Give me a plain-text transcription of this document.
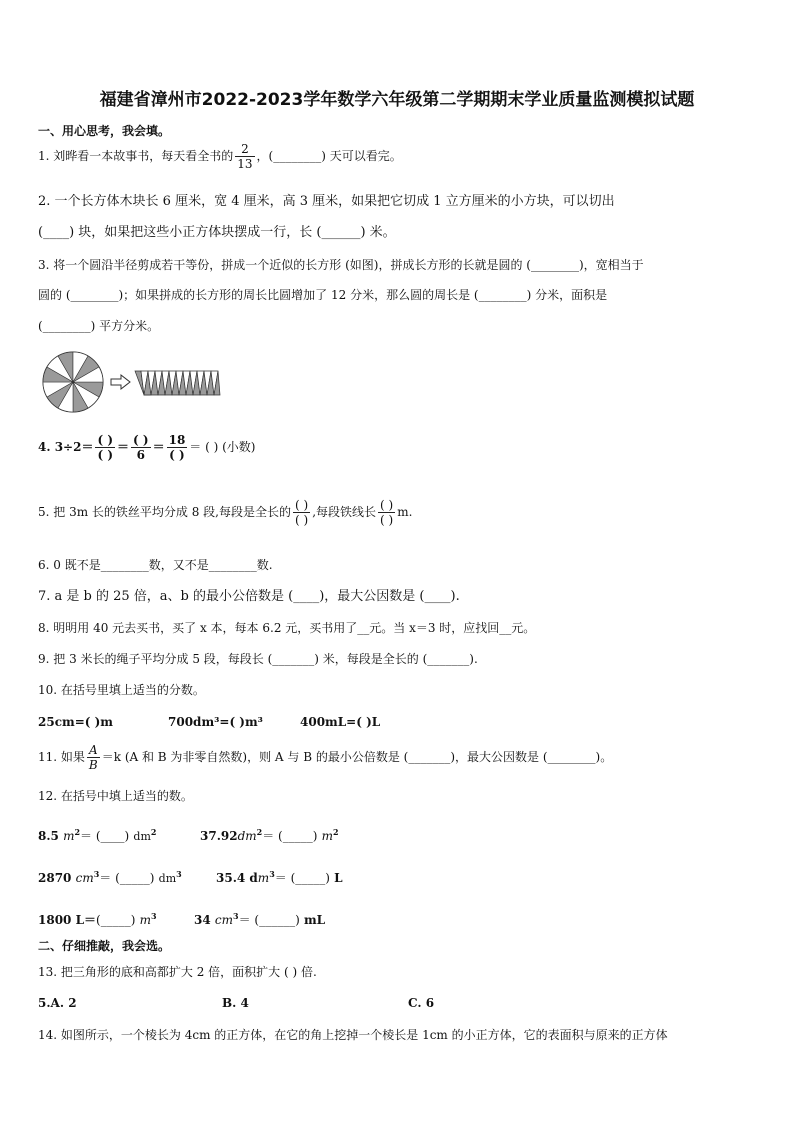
福建省漳州市2022-2023学年数学六年级第二学期期末学业质量监测模拟试题
一、用心思考，我会填。
1. 刘晔看一本故事书，每天看全书的 $\frac{2}{13}$ ，(________) 天可以看完。
2. 一个长方体木块长 6 厘米，宽 4 厘米，高 3 厘米，如果把它切成 1 立方厘米的小方块，可以切出
(____) 块，如果把这些小正方体块摆成一行，长 (______) 米。
3. 将一个圆沿半径剪成若干等份，拼成一个近似的长方形 (如图)，拼成长方形的长就是圆的 (________)，宽相当于
圆的 (________)；如果拼成的长方形的周长比圆增加了 12 分米，那么圆的周长是 (________) 分米，面积是
(________) 平方分米。
4. $3\div 2= \frac{( )}{( )} = \frac{( )}{6} = \frac{18}{( )}$ ＝ ( ) (小数)
5. 把 3m 长的铁丝平均分成 8 段,每段是全长的 $\frac{( )}{( )}$ ,每段铁线长 $\frac{( )}{( )} m$.
6. 0 既不是________数，又不是________数.
7. a 是 b 的 25 倍，a、b 的最小公倍数是 (____)，最大公因数是 (____).
8. 明明用 40 元去买书，买了 x 本，每本 6.2 元，买书用了__元。当 x＝3 时，应找回__元。
9. 把 3 米长的绳子平均分成 5 段，每段长 (_______) 米，每段是全长的 (_______).
10. 在括号里填上适当的分数。
25cm=( )m	700dm³=( )m³	400mL=( )L
11. 如果 $\frac{A}{B} =k$ (A 和 B 为非零自然数)，则 A 与 B 的最小公倍数是 (_______)，最大公因数是 (________)。
12. 在括号中填上适当的数。
8.5 $m^2=$ (____) $dm^2$	$37.92dm^2=$ (_____) $m^2$
2870 $cm^3=$ (_____) $dm^3$	35.4 $dm^3=$ (_____) L
1800 L＝(_____) $m^3$	34 $cm^3=$ (______) mL
二、仔细推敲，我会选。
13. 把三角形的底和高都扩大 2 倍，面积扩大 ( ) 倍.
5.A. 2	B. 4	C. 6
14. 如图所示，一个棱长为 4cm 的正方体，在它的角上挖掉一个棱长是 1cm 的小正方体，它的表面积与原来的正方体
